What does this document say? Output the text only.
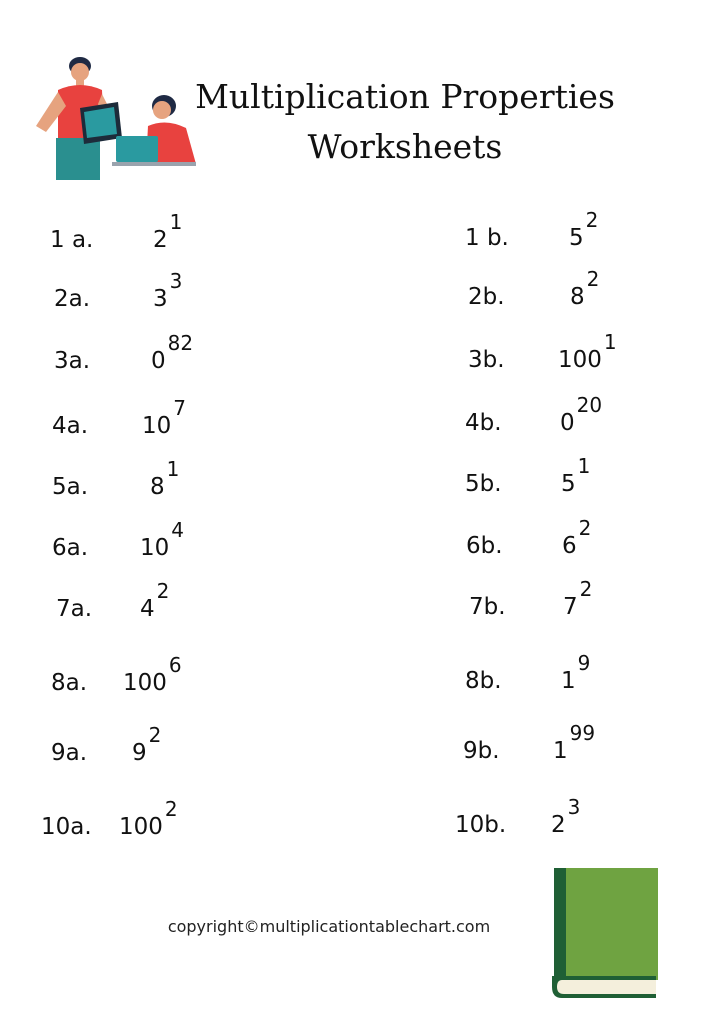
Multiplication Properties
Worksheets
1 a.	21
2a.	33
3a.	082
4a. 107
5a.	81
6a. 104
7a. 42
8a. 1006
9a. 92
10a. 1002
1 b.	52
2b.	82
3b. 1001
4b.	020
5b.	51
6b.	62
7b. 72
8b.	19
9b. 199
10b. 23
copyright©multiplicationtablechart.com
